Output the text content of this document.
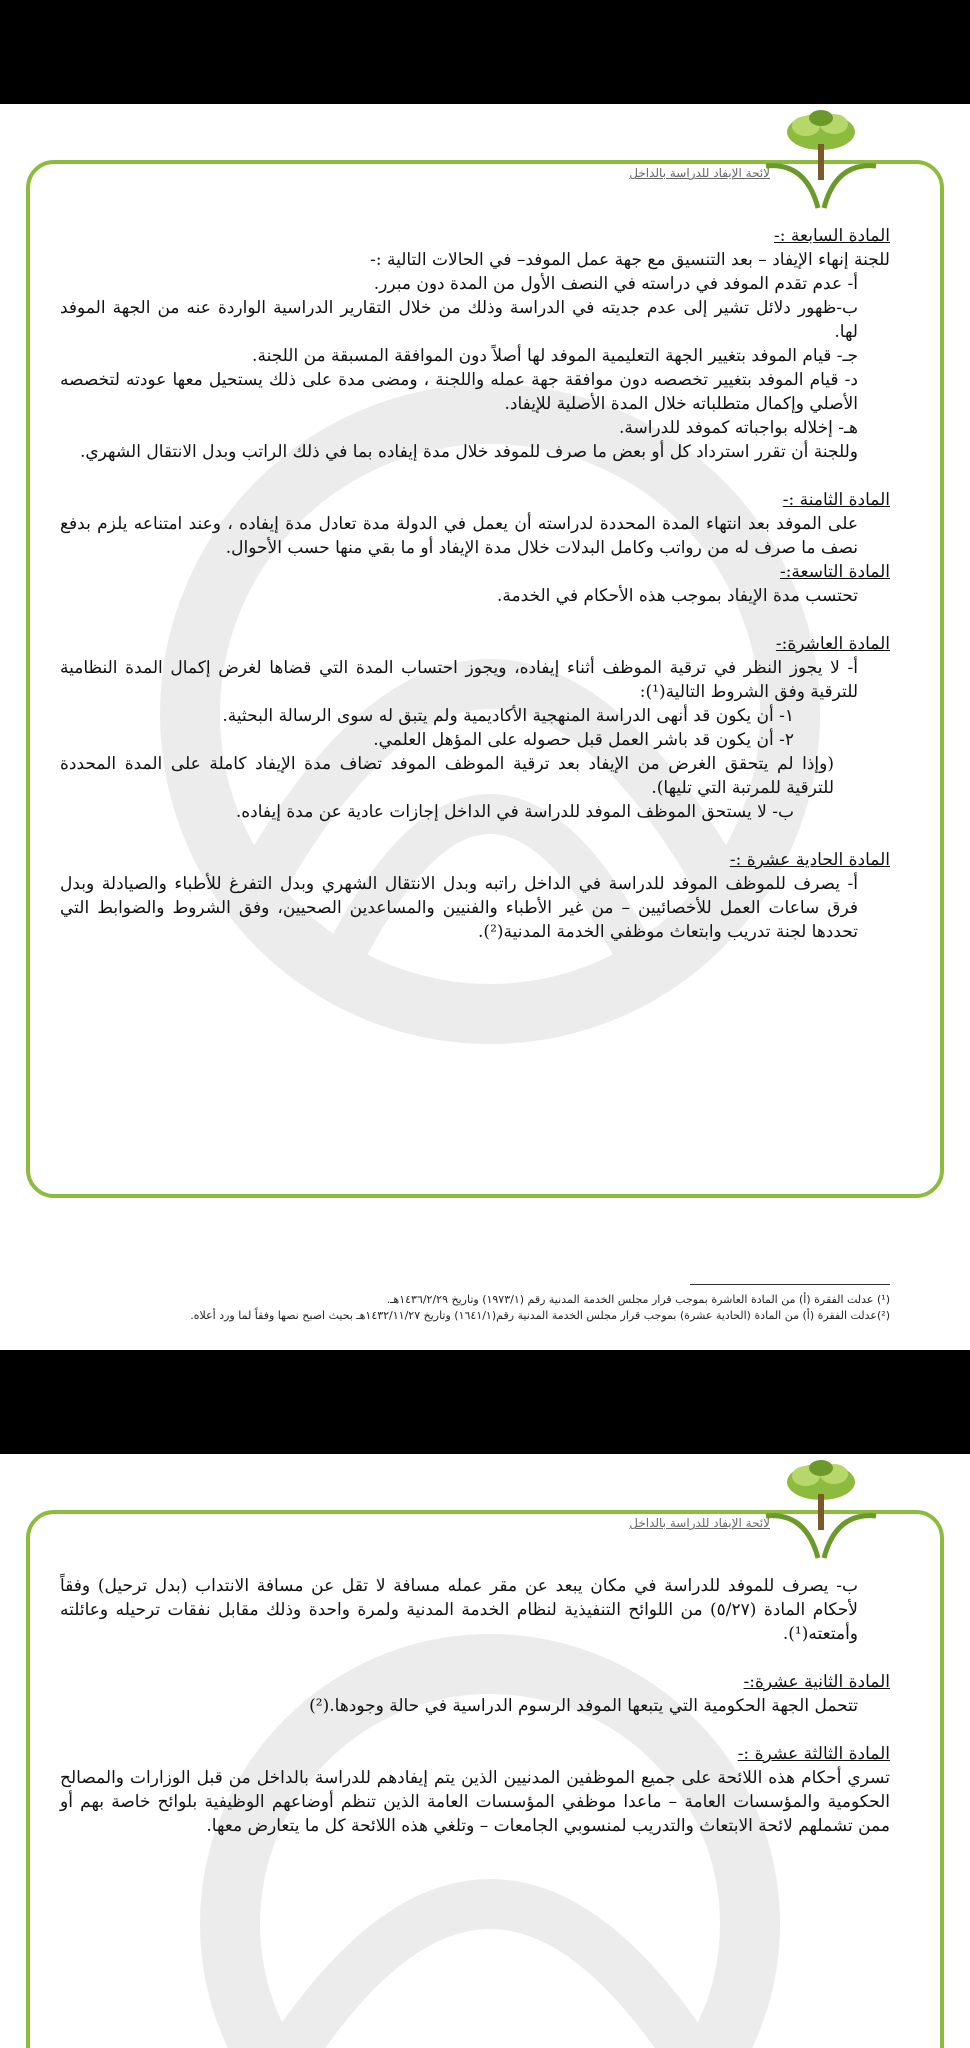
لائحة الإيفاد للدراسة بالداخل

المادة السابعة :-

للجنة إنهاء الإيفاد – بعد التنسيق مع جهة عمل الموفد– في الحالات التالية :-

أ- عدم تقدم الموفد في دراسته في النصف الأول من المدة دون مبرر.

ب-ظهور دلائل تشير إلى عدم جديته في الدراسة وذلك من خلال التقارير الدراسية الواردة عنه من الجهة الموفد لها.

جـ- قيام الموفد بتغيير الجهة التعليمية الموفد لها أصلاً دون الموافقة المسبقة من اللجنة.

د- قيام الموفد بتغيير تخصصه دون موافقة جهة عمله واللجنة ، ومضى مدة على ذلك يستحيل معها عودته لتخصصه الأصلي وإكمال متطلباته خلال المدة الأصلية للإيفاد.

هـ- إخلاله بواجباته كموفد للدراسة.

وللجنة أن تقرر استرداد كل أو بعض ما صرف للموفد خلال مدة إيفاده بما في ذلك الراتب وبدل الانتقال الشهري.

المادة الثامنة :-

على الموفد بعد انتهاء المدة المحددة لدراسته أن يعمل في الدولة مدة تعادل مدة إيفاده ، وعند امتناعه يلزم بدفع نصف ما صرف له من رواتب وكامل البدلات خلال مدة الإيفاد أو ما بقي منها حسب الأحوال.

المادة التاسعة:-

تحتسب مدة الإيفاد بموجب هذه الأحكام في الخدمة.

المادة العاشرة:-

أ- لا يجوز النظر في ترقية الموظف أثناء إيفاده، ويجوز احتساب المدة التي قضاها لغرض إكمال المدة النظامية للترقية وفق الشروط التالية(¹):

١- أن يكون قد أنهى الدراسة المنهجية الأكاديمية ولم يتبق له سوى الرسالة البحثية.

٢- أن يكون قد باشر العمل قبل حصوله على المؤهل العلمي.

(وإذا لم يتحقق الغرض من الإيفاد بعد ترقية الموظف الموفد تضاف مدة الإيفاد كاملة على المدة المحددة للترقية للمرتبة التي تليها).

ب- لا يستحق الموظف الموفد للدراسة في الداخل إجازات عادية عن مدة إيفاده.

المادة الحادية عشرة :-

أ- يصرف للموظف الموفد للدراسة في الداخل راتبه وبدل الانتقال الشهري وبدل التفرغ للأطباء والصيادلة وبدل فرق ساعات العمل للأخصائيين – من غير الأطباء والفنيين والمساعدين الصحيين، وفق الشروط والضوابط التي تحددها لجنة تدريب وابتعاث موظفي الخدمة المدنية(²).

(¹) عدلت الفقرة (أ) من المادة العاشرة بموجب قرار مجلس الخدمة المدنية رقم (١٩٧٣/١) وتاريخ ١٤٣٦/٢/٢٩هـ.

(²)عدلت الفقرة (أ) من المادة (الحادية عشرة) بموجب قرار مجلس الخدمة المدنية رقم(١٦٤١/١) وتاريخ ١٤٣٢/١١/٢٧هـ بحيث اصبح نصها وفقاً لما ورد أعلاه.

لائحة الإيفاد للدراسة بالداخل

ب- يصرف للموفد للدراسة في مكان يبعد عن مقر عمله مسافة لا تقل عن مسافة الانتداب (بدل ترحيل) وفقاً لأحكام المادة (٥/٢٧) من اللوائح التنفيذية لنظام الخدمة المدنية ولمرة واحدة وذلك مقابل نفقات ترحيله وعائلته وأمتعته(¹).

المادة الثانية عشرة:-

تتحمل الجهة الحكومية التي يتبعها الموفد الرسوم الدراسية في حالة وجودها.(²)

المادة الثالثة عشرة :-

تسري أحكام هذه اللائحة على جميع الموظفين المدنيين الذين يتم إيفادهم للدراسة بالداخل من قبل الوزارات والمصالح الحكومية والمؤسسات العامة – ماعدا موظفي المؤسسات العامة الذين تنظم أوضاعهم الوظيفية بلوائح خاصة بهم أو ممن تشملهم لائحة الابتعاث والتدريب لمنسوبي الجامعات – وتلغي هذه اللائحة كل ما يتعارض معها.
